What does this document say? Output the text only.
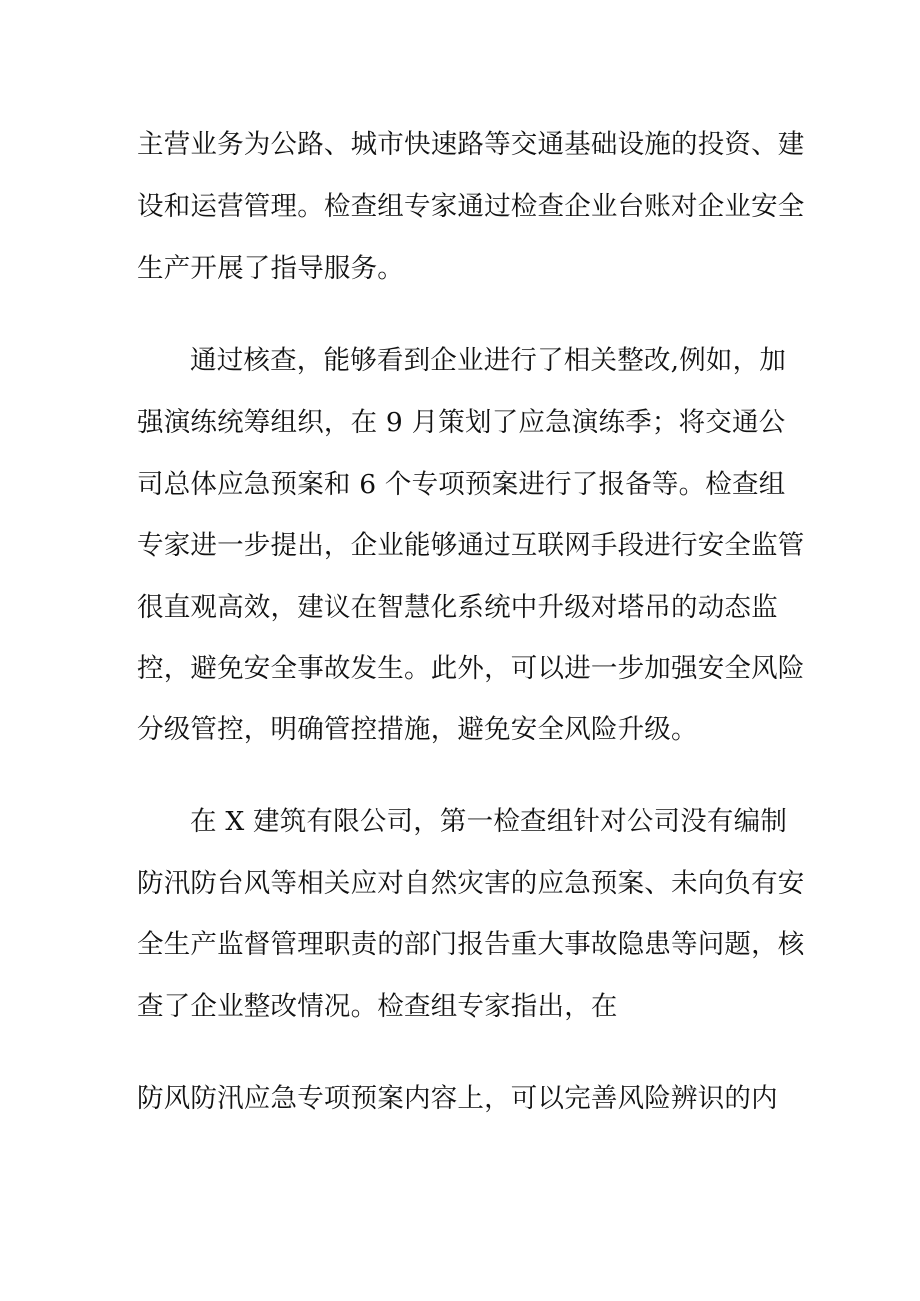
主营业务为公路、城市快速路等交通基础设施的投资、建
设和运营管理。检查组专家通过检查企业台账对企业安全
生产开展了指导服务。
通过核查，能够看到企业进行了相关整改,例如，加
强演练统筹组织，在 9 月策划了应急演练季；将交通公
司总体应急预案和 6 个专项预案进行了报备等。检查组
专家进一步提出，企业能够通过互联网手段进行安全监管
很直观高效，建议在智慧化系统中升级对塔吊的动态监
控，避免安全事故发生。此外，可以进一步加强安全风险
分级管控，明确管控措施，避免安全风险升级。
在 X 建筑有限公司，第一检查组针对公司没有编制
防汛防台风等相关应对自然灾害的应急预案、未向负有安
全生产监督管理职责的部门报告重大事故隐患等问题，核
查了企业整改情况。检查组专家指出，在
防风防汛应急专项预案内容上，可以完善风险辨识的内
